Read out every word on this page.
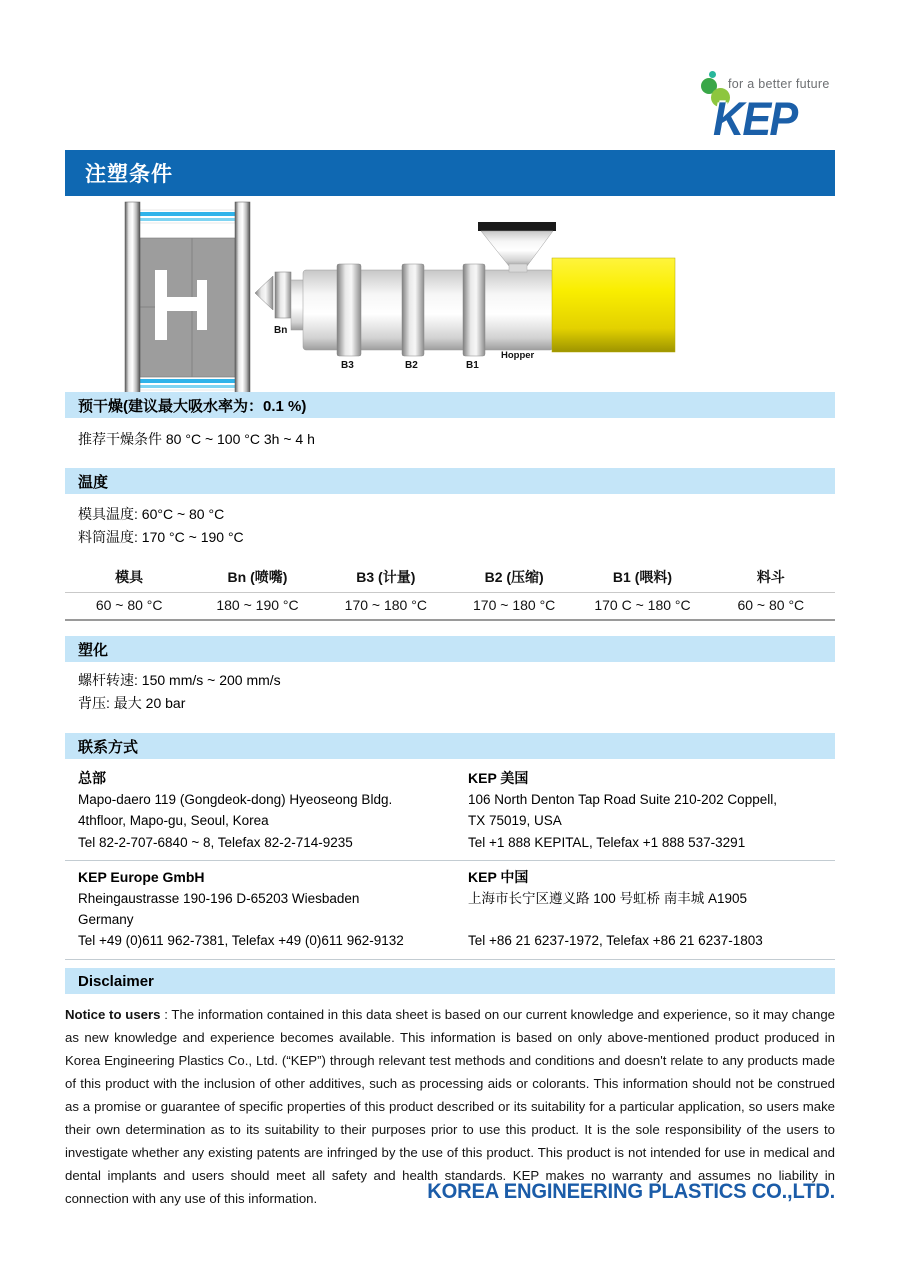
for a better future
KEP
注塑条件
Bn
B3	B2	B1
Hopper
预干燥(建议最大吸水率为：0.1 %)
推荐干燥条件 80 °C ~ 100 °C 3h ~ 4 h
温度
模具温度: 60°C ~ 80 °C
料筒温度: 170 °C ~ 190 °C
模具	Bn (喷嘴)	B3 (计量)	B2 (压缩)	B1 (喂料)	料斗
60 ~ 80 °C	180 ~ 190 °C	170 ~ 180 °C	170 ~ 180 °C	170 C ~ 180 °C	60 ~ 80 °C
塑化
螺杆转速: 150 mm/s ~ 200 mm/s
背压: 最大 20 bar
联系方式
总部
Mapo-daero 119 (Gongdeok-dong) Hyeoseong Bldg.
4thfloor, Mapo-gu, Seoul, Korea
Tel 82-2-707-6840 ~ 8, Telefax 82-2-714-9235
KEP 美国
106 North Denton Tap Road Suite 210-202 Coppell,
TX 75019, USA
Tel +1 888 KEPITAL, Telefax +1 888 537-3291
KEP Europe GmbH
Rheingaustrasse 190-196 D-65203 Wiesbaden
Germany
Tel +49 (0)611 962-7381, Telefax +49 (0)611 962-9132
KEP 中国
上海市长宁区遵义路 100 号虹桥 南丰城 A1905
Tel +86 21 6237-1972, Telefax +86 21 6237-1803
Disclaimer
Notice to users : The information contained in this data sheet is based on our current knowledge and experience, so it may change as new knowledge and experience becomes available. This information is based on only above-mentioned product produced in Korea Engineering Plastics Co., Ltd. (“KEP”) through relevant test methods and conditions and doesn't relate to any products made of this product with the inclusion of other additives, such as processing aids or colorants. This information should not be construed as a promise or guarantee of specific properties of this product described or its suitability for a particular application, so users make their own determination as to its suitability to their purposes prior to use this product. It is the sole responsibility of the users to investigate whether any existing patents are infringed by the use of this product. This product is not intended for use in medical and dental implants and users should meet all safety and health standards. KEP makes no warranty and assumes no liability in connection with any use of this information.	KOREA ENGINEERING PLASTICS CO.,LTD.
